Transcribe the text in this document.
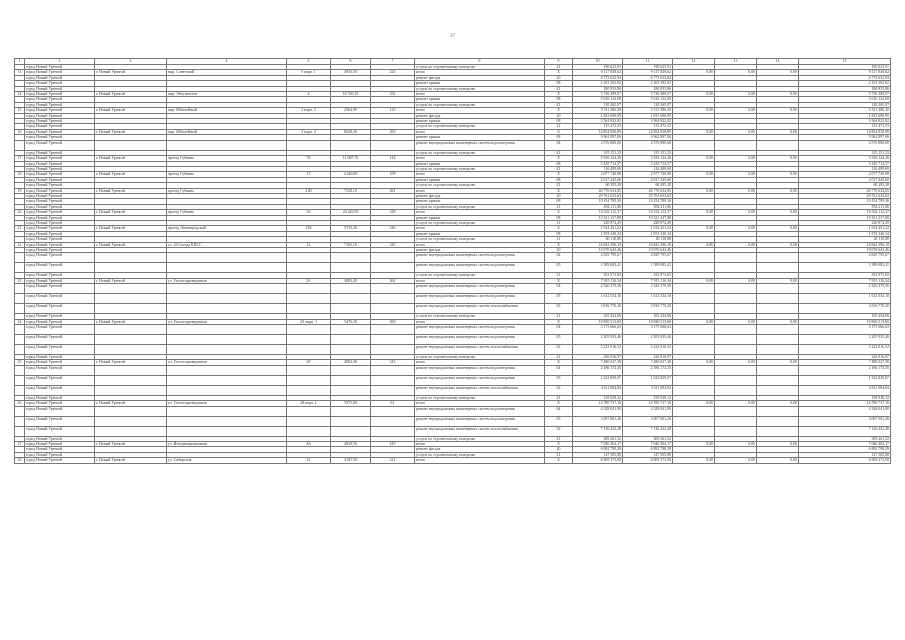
37
1	2	3	4	5	6	7	8	9	10	11	12	13	14	15
	город Новый Уренгой						услуги по строительному контролю	21	190 623,91	190 623,91				190 623,91
13	город Новый Уренгой	г. Новый Уренгой	мкр. Советский	5 корп. 1	4933,50	225	итого	Х	9 117 849,62	9 117 849,62	0,00	0,00	0,00	9 117 849,62
	город Новый Уренгой						ремонт фасада	20	6 773 632,94	6 773 632,94				6 773 632,94
	город Новый Уренгой						ремонт крыши	08	2 163 382,82	2 163 382,82				2 163 382,82
	город Новый Уренгой						услуги по строительному контролю	21	180 833,86	180 833,86				180 833,86
14	город Новый Уренгой	г. Новый Уренгой	мкр. Энтузиастов	4	16 530,10	252	итого	Х	5 736 389,07	5 736 389,07	0,00	0,00	0,00	5 736 389,07
	город Новый Уренгой						ремонт крыши	08	5 616 124,00	5 616 124,00				5 616 124,00
	город Новый Уренгой						услуги по строительному контролю	21	120 265,07	120 265,07				120 265,07
15	город Новый Уренгой	г. Новый Уренгой	мкр. Юбилейный	2 корп. 3	2364,90	123	итого	Х	5 511 386,30	5 511 386,30	0,00	0,00	0,00	5 511 386,30
	город Новый Уренгой						ремонт фасада	20	1 831 690,95	1 831 690,95				1 831 690,95
	город Новый Уренгой						ремонт крыши	08	3 564 822,82	3 564 822,82				3 564 822,82
	город Новый Уренгой						услуги по строительному контролю	21	115 472,53	115 472,53				115 472,53
16	город Новый Уренгой	г. Новый Уренгой	мкр. Юбилейный	5 корп. 4	6628,30	293	итого	Х	14 854 928,89	14 854 928,89	0,00	0,00	0,00	14 854 928,89
	город Новый Уренгой						ремонт крыши	08	9 962 897,06	9 962 897,06				9 962 897,06
	город Новый Уренгой						ремонт внутридомовых инженерных систем водоотведения	04	4 576 880,60	4 576 880,60				4 576 880,60
	город Новый Уренгой						услуги по строительному контролю	21	315 151,23	315 151,23				315 151,23
17	город Новый Уренгой	г. Новый Уренгой	проезд Губкина	7Б	11 067,70	144	итого	Х	5 556 124,26	5 556 124,26	0,00	0,00	0,00	5 556 124,26
	город Новый Уренгой						ремонт крыши	08	5 439 714,57	5 439 714,57				5 439 714,57
	город Новый Уренгой						услуги по строительному контролю	21	116 409,69	116 409,69				116 409,69
18	город Новый Уренгой	г. Новый Уренгой	проезд Губкина	15	4 420,00	109	итого	Х	2 077 740,88	2 077 740,88	0,00	0,00	0,00	2 077 740,88
	город Новый Уренгой						ремонт крыши	08	2 017 445,60	2 017 445,60				2 017 445,60
	город Новый Уренгой						услуги по строительному контролю	21	60 295,28	60 295,28				60 295,28
19	город Новый Уренгой	г. Новый Уренгой	проезд Губкина	21В	7528,10	261	итого	Х	40 770 634,85	40 770 634,85	0,00	0,00	0,00	40 770 634,85
	город Новый Уренгой						ремонт фасада	20	29 761 633,63	29 761 633,63				29 761 633,63
	город Новый Уренгой						ремонт крыши	08	10 154 789,36	10 154 789,36				10 154 789,36
	город Новый Уренгой						услуги по строительному контролю	21	854 211,86	854 211,86				854 211,86
20	город Новый Уренгой	г. Новый Уренгой	проезд Губкина	26	24 249,50	528	итого	Х	10 542 112,37	10 542 112,37	0,00	0,00	0,00	10 542 112,37
	город Новый Уренгой						ремонт крыши	08	10 321 237,88	10 321 237,88				10 321 237,88
	город Новый Уренгой						услуги по строительному контролю	21	220 874,49	220 874,49				220 874,49
21	город Новый Уренгой	г. Новый Уренгой	проезд Ленинградский	15Б	5733,30	246	итого	Х	1 914 451,22	1 914 451,22	0,00	0,00	0,00	1 914 451,22
	город Новый Уренгой						ремонт крыши	08	1 874 340,34	1 874 340,34				1 874 340,34
	город Новый Уренгой						услуги по строительному контролю	21	40 110,88	40 110,88				40 110,88
22	город Новый Уренгой	г. Новый Уренгой	ул. 26 Съезда КПСС	12	7165,10	320	итого	Х	16 842 396,19	16 842 396,19	0,00	0,00	0,00	16 842 396,19
	город Новый Уренгой						ремонт фасада	20	10 070 643,46	10 070 643,46				10 070 643,46
	город Новый Уренгой						ремонт внутридомовых инженерных систем водоотведения	04	4 829 795,67	4 829 795,67				4 829 795,67
	город Новый Уренгой						ремонт внутридомовых инженерных систем водоотведения	05	1 589 083,41	1 589 083,41				1 589 083,41
	город Новый Уренгой						услуги по строительному контролю	21	352 873,65	352 873,65				352 873,65
23	город Новый Уренгой	г. Новый Уренгой	ул. Геологоразведчиков	2А	4083,40	262	итого	Х	7 915 116,34	7 915 116,34	0,00	0,00	0,00	7 915 116,34
	город Новый Уренгой						ремонт внутридомовых инженерных систем водоотведения	04	2 320 379,56	2 320 379,56				2 320 379,56
	город Новый Уренгой						ремонт внутридомовых инженерных систем водоотведения	05	1 612 534,10	1 612 534,10				1 612 534,10
	город Новый Уренгой						ремонт внутридомовых инженерных систем теплоснабжения	02	3 816 770,20	3 816 770,20				3 816 770,20
	город Новый Уренгой						услуги по строительному контролю	21	165 434,66	165 434,66				165 434,66
24	город Новый Уренгой	г. Новый Уренгой	ул. Геологоразведчиков	2А корп. 1	5476,20	260	итого	Х	10 830 513,60	10 830 513,60	0,00	0,00	0,00	10 830 513,60
	город Новый Уренгой						ремонт внутридомовых инженерных систем водоотведения	04	3 175 666,63	3 175 666,63				3 175 666,63
	город Новый Уренгой						ремонт внутридомовых инженерных систем водоотведения	05	2 205 935,46	2 205 935,46				2 205 935,46
	город Новый Уренгой						ремонт внутридомовых инженерных систем теплоснабжения	02	5 222 016,52	5 222 016,52				5 222 016,52
	город Новый Уренгой						услуги по строительному контролю	21	226 916,97	226 916,97				226 916,97
25	город Новый Уренгой	г. Новый Уренгой	ул. Геологоразведчиков	28	4004,30	243	итого	Х	7 480 027,38	7 480 027,38	0,00	0,00	0,00	7 480 027,38
	город Новый Уренгой						ремонт внутридомовых инженерных систем водоотведения	04	2 186 174,35	2 186 174,35				2 186 174,35
	город Новый Уренгой						ремонт внутридомовых инженерных систем водоотведения	05	1 523 839,07	1 523 839,07				1 523 839,07
	город Новый Уренгой						ремонт внутридомовых инженерных систем теплоснабжения	02	3 611 084,84	3 611 084,84				3 611 084,84
	город Новый Уренгой						услуги по строительному контролю	21	158 928,12	158 928,12				158 928,12
26	город Новый Уренгой	г. Новый Уренгой	ул. Геологоразведчиков	28 корп. 1	5375,80	61	итого	Х	14 780 737,16	14 780 737,16	0,00	0,00	0,00	14 780 737,16
	город Новый Уренгой						ремонт внутридомовых инженерных систем водоотведения	04	4 328 041,90	4 328 041,90				4 328 041,90
	город Новый Уренгой						ремонт внутридомовых инженерных систем водоотведения	05	3 007 001,26	3 007 001,26				3 007 001,26
	город Новый Уренгой						ремонт внутридомовых инженерных систем теплоснабжения	02	7 136 432,48	7 136 432,48				7 136 432,48
	город Новый Уренгой						услуги по строительному контролю	21	309 261,52	309 261,52				309 261,52
27	город Новый Уренгой	г. Новый Уренгой	ул. Интернациональная	3А	4829,50	219	итого	Х	7 040 304,17	7 040 304,17	0,00	0,00	0,00	7 040 304,17
	город Новый Уренгой						ремонт фасада	20	6 892 798,29	6 892 798,29				6 892 798,29
	город Новый Уренгой						услуги по строительному контролю	21	147 505,88	147 505,88				147 505,88
28	город Новый Уренгой	г. Новый Уренгой	ул. Сибирская	21	4 947,50	221	итого	Х	6 909 373,90	6 909 373,90	0,00	0,00	0,00	6 909 373,90
